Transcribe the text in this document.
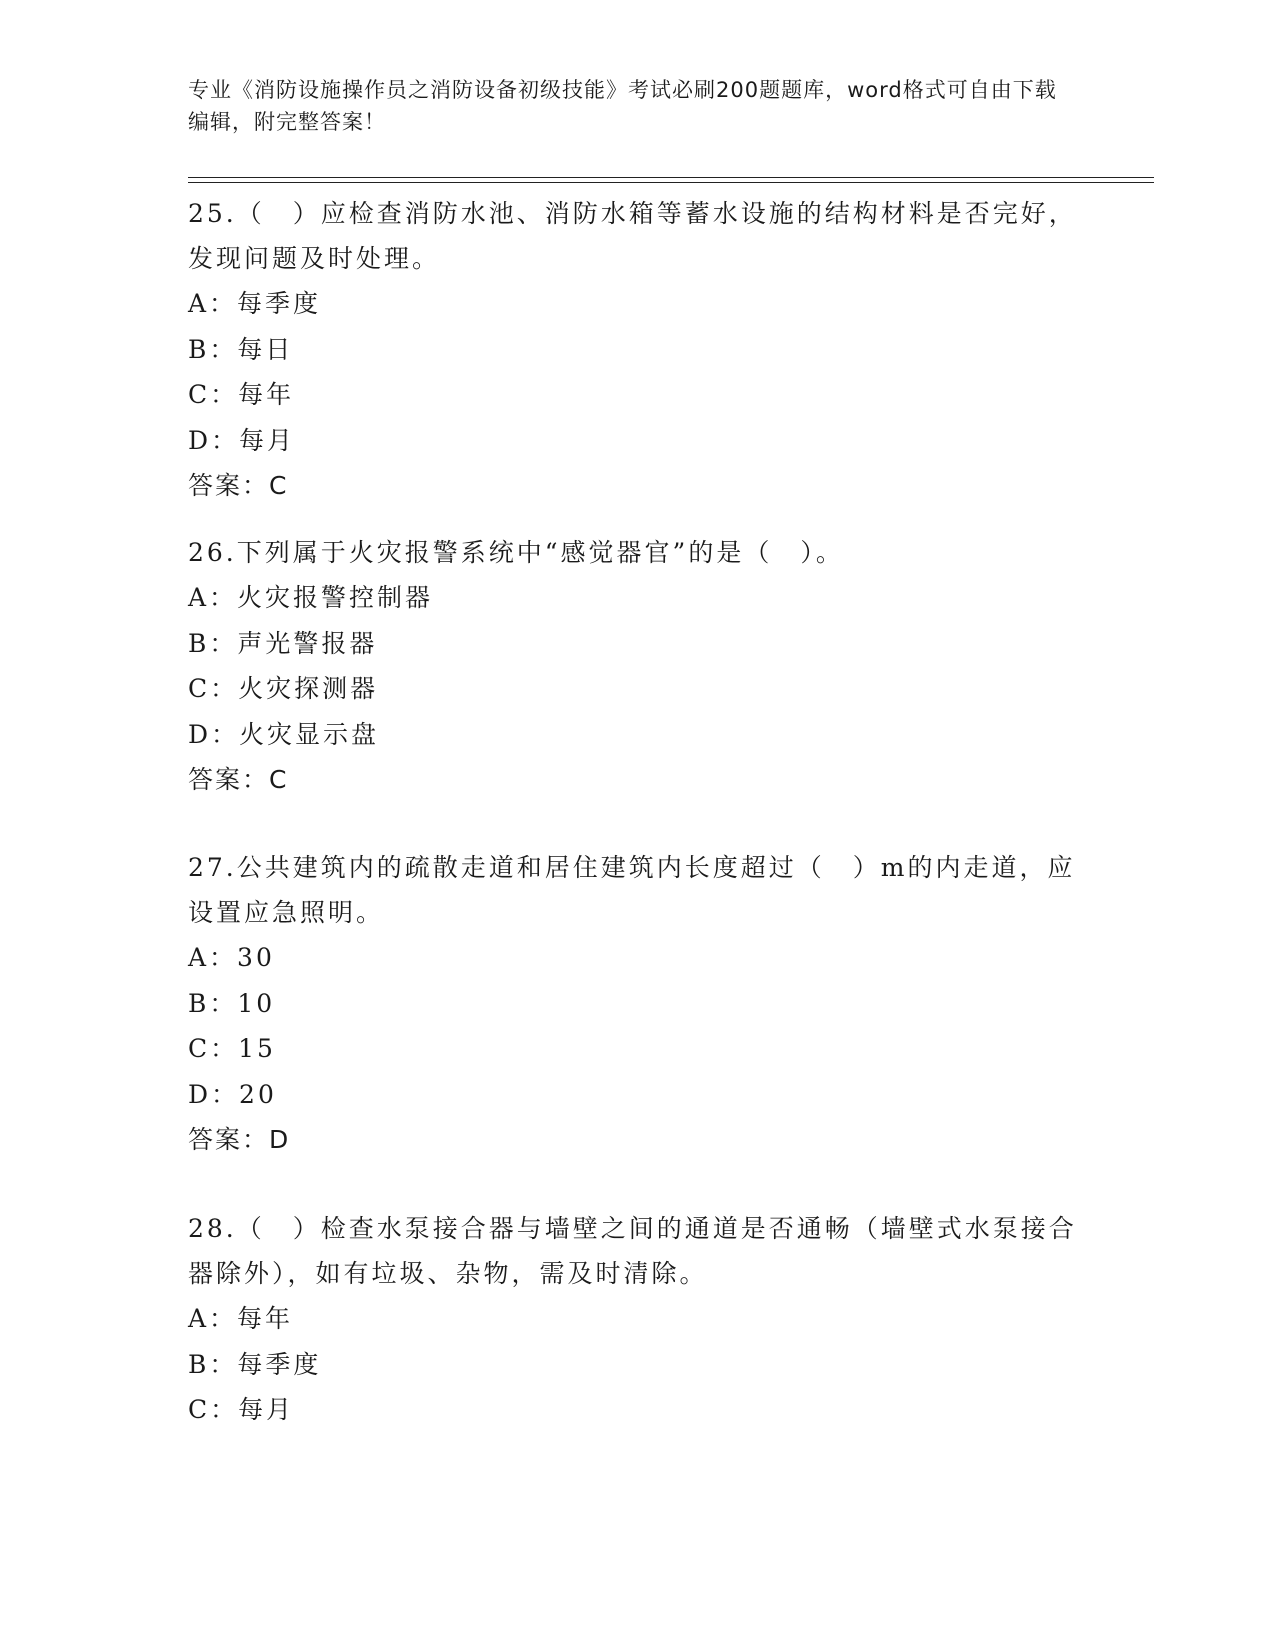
专业《消防设施操作员之消防设备初级技能》考试必刷200题题库，word格式可自由下载编辑，附完整答案！

25.（　）应检查消防水池、消防水箱等蓄水设施的结构材料是否完好，发现问题及时处理。

A：每季度
B：每日
C：每年
D：每月
答案：C

26.下列属于火灾报警系统中“感觉器官”的是（　）。

A：火灾报警控制器
B：声光警报器
C：火灾探测器
D：火灾显示盘
答案：C

27.公共建筑内的疏散走道和居住建筑内长度超过（　）m的内走道，应设置应急照明。

A：30
B：10
C：15
D：20
答案：D

28.（　）检查水泵接合器与墙壁之间的通道是否通畅（墙壁式水泵接合器除外），如有垃圾、杂物，需及时清除。

A：每年
B：每季度
C：每月
